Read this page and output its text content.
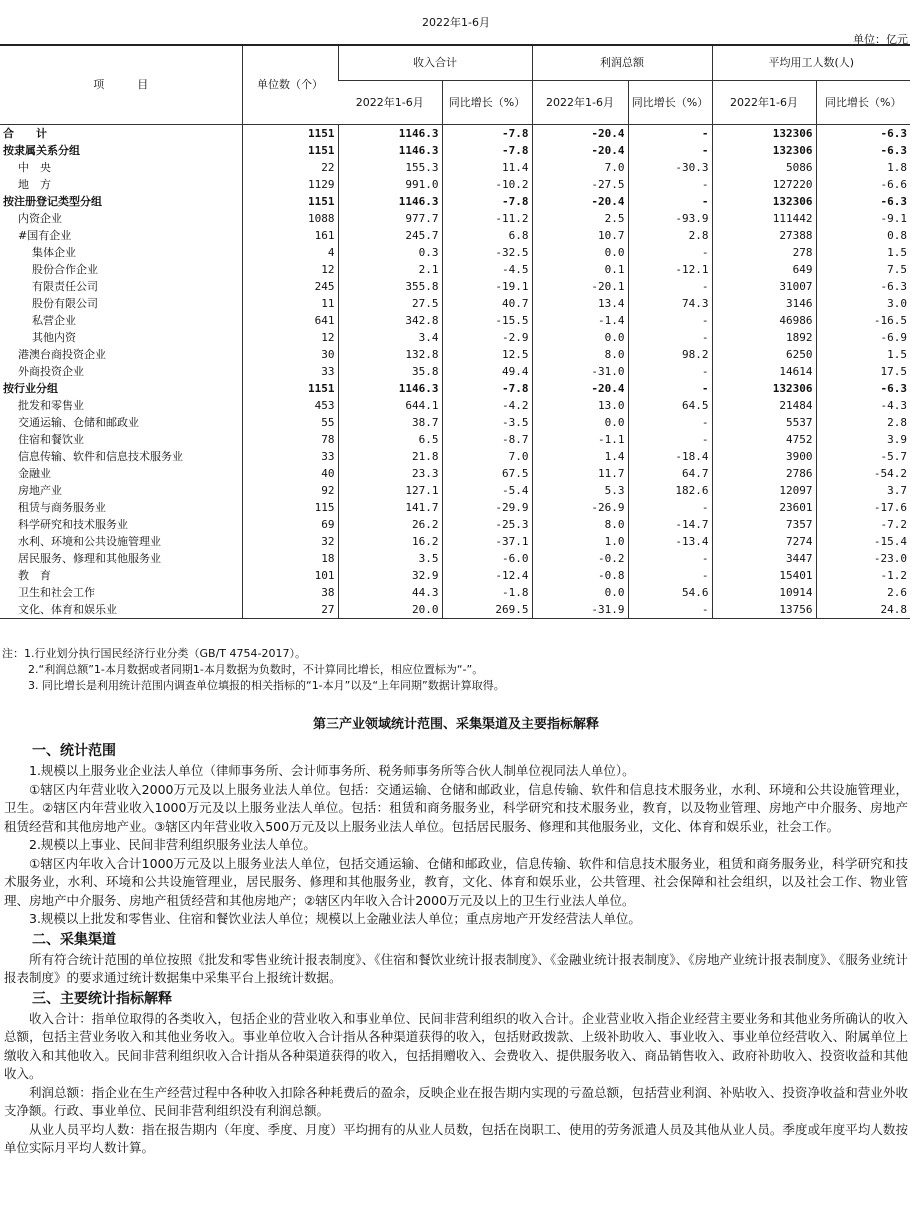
2022年1-6月
单位：亿元
项　　　目	单位数（个）	收入合计		利润总额		平均用工人数(人)	
		2022年1-6月	同比增长（%）	2022年1-6月	同比增长（%）	2022年1-6月	同比增长（%）
合　　计	1151	1146.3	-7.8	-20.4	-	132306	-6.3
按隶属关系分组	1151	1146.3	-7.8	-20.4	-	132306	-6.3
中　央	22	155.3	11.4	7.0	-30.3	5086	1.8
地　方	1129	991.0	-10.2	-27.5	-	127220	-6.6
按注册登记类型分组	1151	1146.3	-7.8	-20.4	-	132306	-6.3
内资企业	1088	977.7	-11.2	2.5	-93.9	111442	-9.1
#国有企业	161	245.7	6.8	10.7	2.8	27388	0.8
集体企业	4	0.3	-32.5	0.0	-	278	1.5
股份合作企业	12	2.1	-4.5	0.1	-12.1	649	7.5
有限责任公司	245	355.8	-19.1	-20.1	-	31007	-6.3
股份有限公司	11	27.5	40.7	13.4	74.3	3146	3.0
私营企业	641	342.8	-15.5	-1.4	-	46986	-16.5
其他内资	12	3.4	-2.9	0.0	-	1892	-6.9
港澳台商投资企业	30	132.8	12.5	8.0	98.2	6250	1.5
外商投资企业	33	35.8	49.4	-31.0	-	14614	17.5
按行业分组	1151	1146.3	-7.8	-20.4	-	132306	-6.3
批发和零售业	453	644.1	-4.2	13.0	64.5	21484	-4.3
交通运输、仓储和邮政业	55	38.7	-3.5	0.0	-	5537	2.8
住宿和餐饮业	78	6.5	-8.7	-1.1	-	4752	3.9
信息传输、软件和信息技术服务业	33	21.8	7.0	1.4	-18.4	3900	-5.7
金融业	40	23.3	67.5	11.7	64.7	2786	-54.2
房地产业	92	127.1	-5.4	5.3	182.6	12097	3.7
租赁与商务服务业	115	141.7	-29.9	-26.9	-	23601	-17.6
科学研究和技术服务业	69	26.2	-25.3	8.0	-14.7	7357	-7.2
水利、环境和公共设施管理业	32	16.2	-37.1	1.0	-13.4	7274	-15.4
居民服务、修理和其他服务业	18	3.5	-6.0	-0.2	-	3447	-23.0
教　育	101	32.9	-12.4	-0.8	-	15401	-1.2
卫生和社会工作	38	44.3	-1.8	0.0	54.6	10914	2.6
文化、体育和娱乐业	27	20.0	269.5	-31.9	-	13756	24.8
注：1.行业划分执行国民经济行业分类（GB/T 4754-2017）。
2.“利润总额”1-本月数据或者同期1-本月数据为负数时，不计算同比增长，相应位置标为“-”。
3. 同比增长是利用统计范围内调查单位填报的相关指标的“1-本月”以及“上年同期”数据计算取得。
第三产业领域统计范围、采集渠道及主要指标解释
一、统计范围

1.规模以上服务业企业法人单位（律师事务所、会计师事务所、税务师事务所等合伙人制单位视同法人单位）。

①辖区内年营业收入2000万元及以上服务业法人单位。包括：交通运输、仓储和邮政业，信息传输、软件和信息技术服务业，水利、环境和公共设施管理业，卫生。②辖区内年营业收入1000万元及以上服务业法人单位。包括：租赁和商务服务业，科学研究和技术服务业，教育，以及物业管理、房地产中介服务、房地产租赁经营和其他房地产业。③辖区内年营业收入500万元及以上服务业法人单位。包括居民服务、修理和其他服务业，文化、体育和娱乐业，社会工作。

2.规模以上事业、民间非营利组织服务业法人单位。

①辖区内年收入合计1000万元及以上服务业法人单位，包括交通运输、仓储和邮政业，信息传输、软件和信息技术服务业，租赁和商务服务业，科学研究和技术服务业，水利、环境和公共设施管理业，居民服务、修理和其他服务业，教育，文化、体育和娱乐业，公共管理、社会保障和社会组织，以及社会工作、物业管理、房地产中介服务、房地产租赁经营和其他房地产；②辖区内年收入合计2000万元及以上的卫生行业法人单位。

3.规模以上批发和零售业、住宿和餐饮业法人单位；规模以上金融业法人单位；重点房地产开发经营法人单位。

二、采集渠道

所有符合统计范围的单位按照《批发和零售业统计报表制度》、《住宿和餐饮业统计报表制度》、《金融业统计报表制度》、《房地产业统计报表制度》、《服务业统计报表制度》的要求通过统计数据集中采集平台上报统计数据。

三、主要统计指标解释

收入合计：指单位取得的各类收入，包括企业的营业收入和事业单位、民间非营利组织的收入合计。企业营业收入指企业经营主要业务和其他业务所确认的收入总额，包括主营业务收入和其他业务收入。事业单位收入合计指从各种渠道获得的收入，包括财政拨款、上级补助收入、事业收入、事业单位经营收入、附属单位上缴收入和其他收入。民间非营利组织收入合计指从各种渠道获得的收入，包括捐赠收入、会费收入、提供服务收入、商品销售收入、政府补助收入、投资收益和其他收入。

利润总额：指企业在生产经营过程中各种收入扣除各种耗费后的盈余，反映企业在报告期内实现的亏盈总额，包括营业利润、补贴收入、投资净收益和营业外收支净额。行政、事业单位、民间非营利组织没有利润总额。

从业人员平均人数：指在报告期内（年度、季度、月度）平均拥有的从业人员数，包括在岗职工、使用的劳务派遣人员及其他从业人员。季度或年度平均人数按单位实际月平均人数计算。
